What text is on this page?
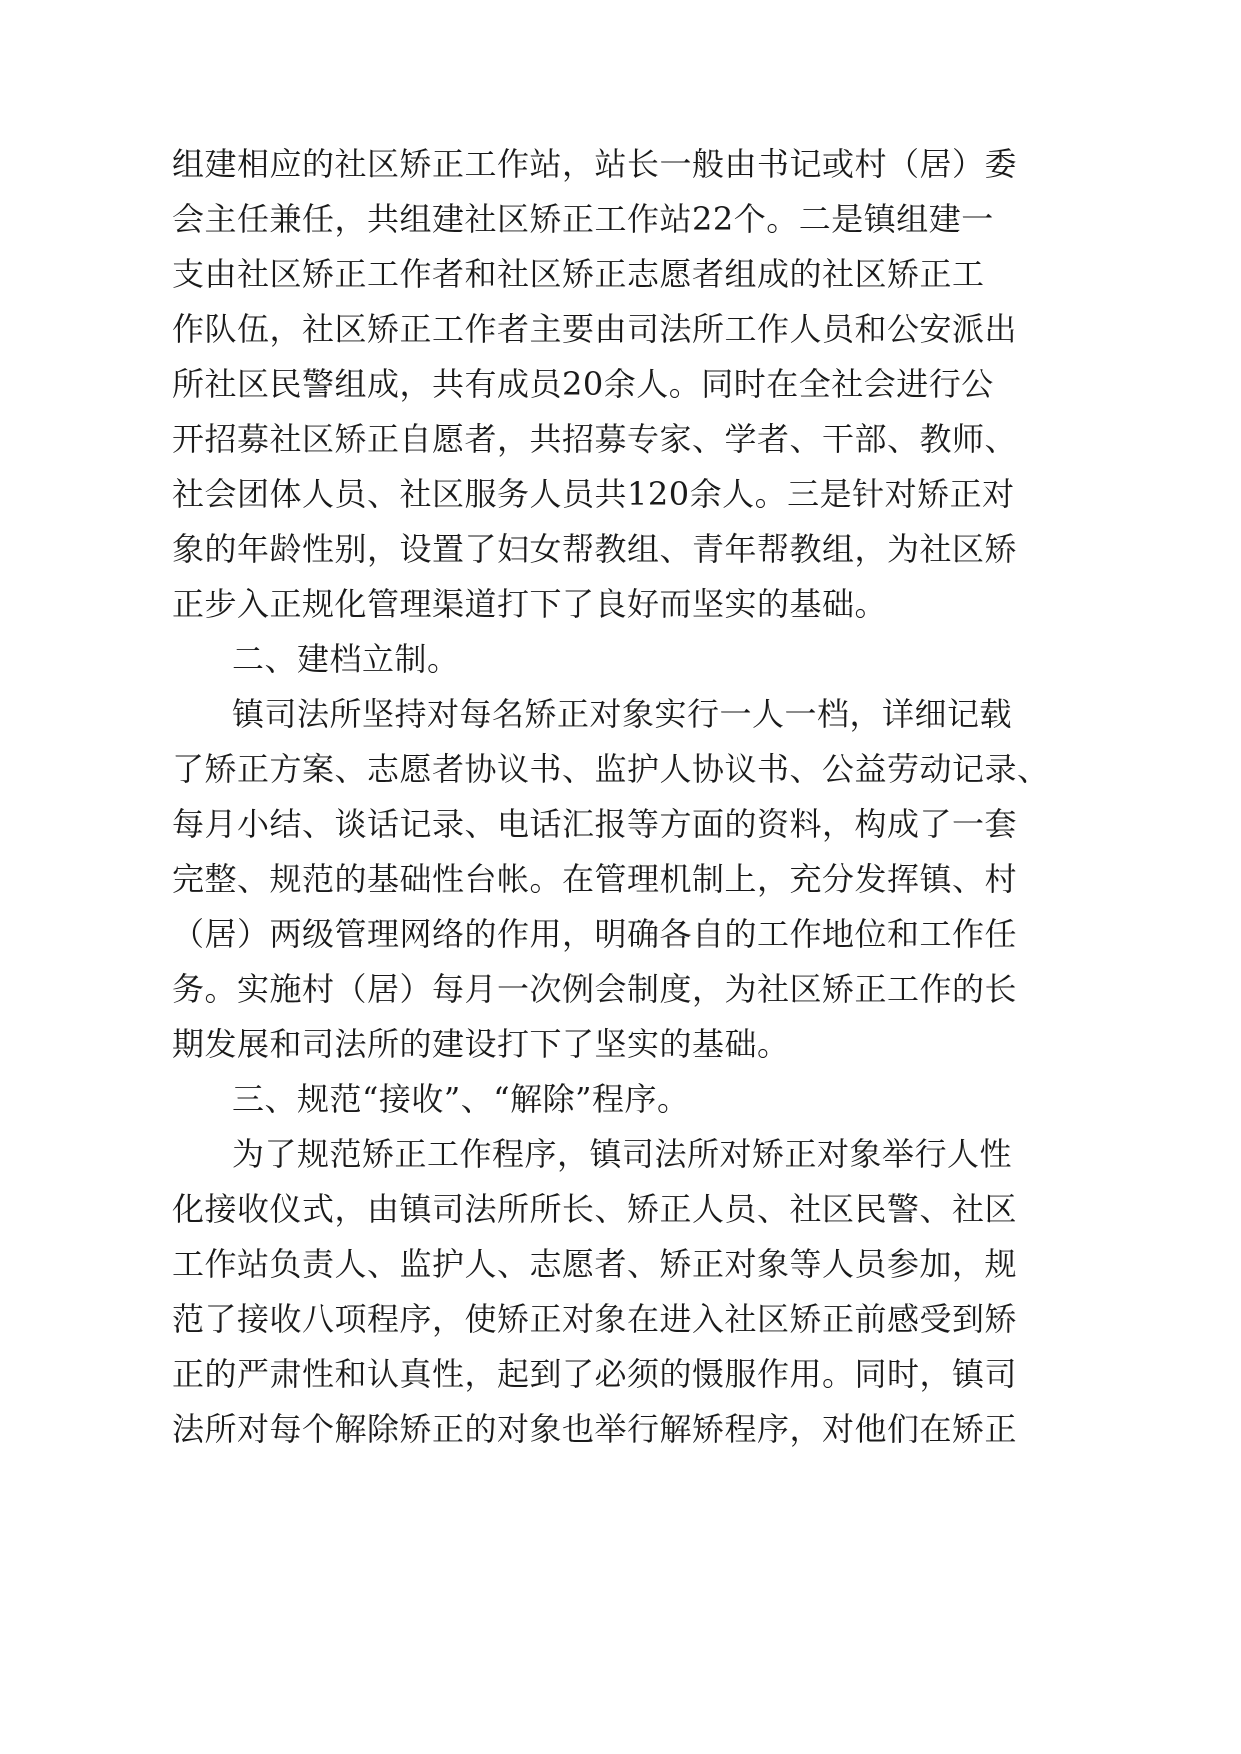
组建相应的社区矫正工作站，站长一般由书记或村（居）委
会主任兼任，共组建社区矫正工作站22个。二是镇组建一
支由社区矫正工作者和社区矫正志愿者组成的社区矫正工
作队伍，社区矫正工作者主要由司法所工作人员和公安派出
所社区民警组成，共有成员20余人。同时在全社会进行公
开招募社区矫正自愿者，共招募专家、学者、干部、教师、
社会团体人员、社区服务人员共120余人。三是针对矫正对
象的年龄性别，设置了妇女帮教组、青年帮教组，为社区矫
正步入正规化管理渠道打下了良好而坚实的基础。
二、建档立制。
镇司法所坚持对每名矫正对象实行一人一档，详细记载
了矫正方案、志愿者协议书、监护人协议书、公益劳动记录、
每月小结、谈话记录、电话汇报等方面的资料，构成了一套
完整、规范的基础性台帐。在管理机制上，充分发挥镇、村
（居）两级管理网络的作用，明确各自的工作地位和工作任
务。实施村（居）每月一次例会制度，为社区矫正工作的长
期发展和司法所的建设打下了坚实的基础。
三、规范“接收”、“解除”程序。
为了规范矫正工作程序，镇司法所对矫正对象举行人性
化接收仪式，由镇司法所所长、矫正人员、社区民警、社区
工作站负责人、监护人、志愿者、矫正对象等人员参加，规
范了接收八项程序，使矫正对象在进入社区矫正前感受到矫
正的严肃性和认真性，起到了必须的慑服作用。同时，镇司
法所对每个解除矫正的对象也举行解矫程序，对他们在矫正
